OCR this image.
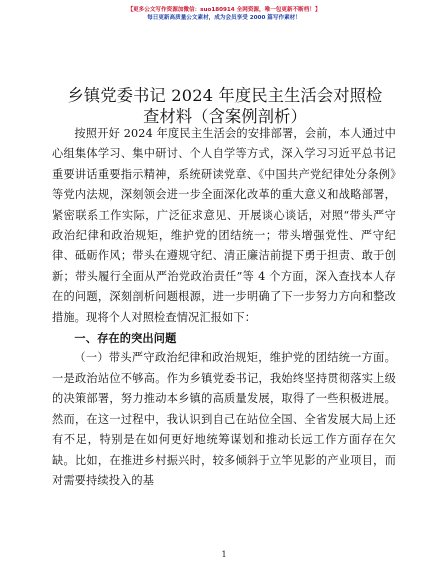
【更多公文写作资源加微信：suo180914 全网资源，唯一包更新不断档！】
每日更新高质量公文素材，成为会员享受 2000 篇写作素材！
乡镇党委书记 2024 年度民主生活会对照检查材料（含案例剖析）

按照开好 2024 年度民主生活会的安排部署，会前，本人通过中心组集体学习、集中研讨、个人自学等方式，深入学习习近平总书记重要讲话重要指示精神，系统研读党章、《中国共产党纪律处分条例》等党内法规，深刻领会进一步全面深化改革的重大意义和战略部署，紧密联系工作实际，广泛征求意见、开展谈心谈话，对照“带头严守政治纪律和政治规矩，维护党的团结统一；带头增强党性、严守纪律、砥砺作风；带头在遵规守纪、清正廉洁前提下勇于担责、敢于创新；带头履行全面从严治党政治责任”等 4 个方面，深入查找本人存在的问题，深刻剖析问题根源，进一步明确了下一步努力方向和整改措施。现将个人对照检查情况汇报如下：

一、存在的突出问题

（一）带头严守政治纪律和政治规矩，维护党的团结统一方面。一是政治站位不够高。作为乡镇党委书记，我始终坚持贯彻落实上级的决策部署，努力推动本乡镇的高质量发展，取得了一些积极进展。然而，在这一过程中，我认识到自己在站位全国、全省发展大局上还有不足，特别是在如何更好地统筹谋划和推动长远工作方面存在欠缺。比如，在推进乡村振兴时，较多倾斜于立竿见影的产业项目，而对需要持续投入的基

1
